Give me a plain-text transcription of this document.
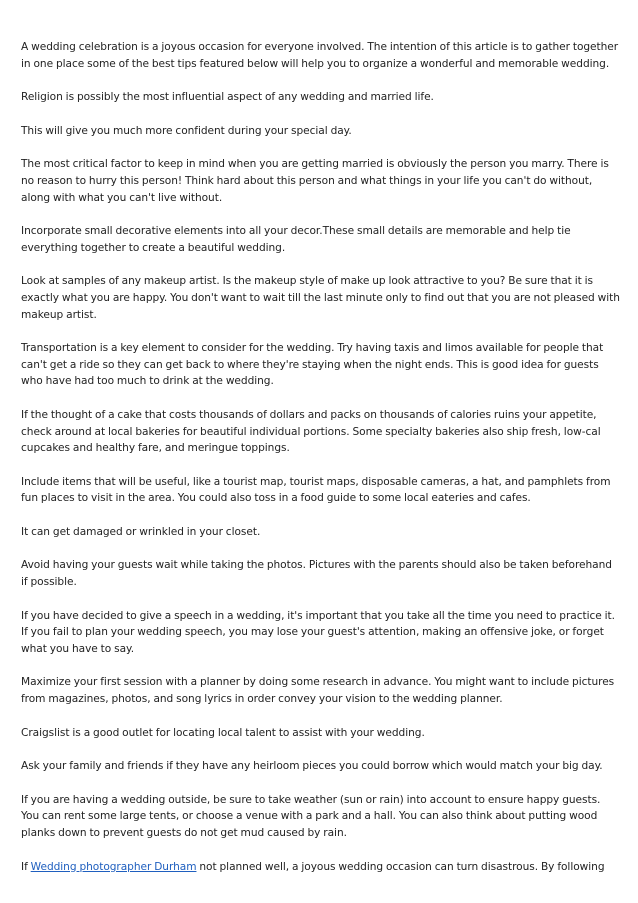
A wedding celebration is a joyous occasion for everyone involved. The intention of this article is to gather together in one place some of the best tips featured below will help you to organize a wonderful and memorable wedding.

Religion is possibly the most influential aspect of any wedding and married life.

This will give you much more confident during your special day.

The most critical factor to keep in mind when you are getting married is obviously the person you marry. There is no reason to hurry this person! Think hard about this person and what things in your life you can't do without, along with what you can't live without.

Incorporate small decorative elements into all your decor.These small details are memorable and help tie everything together to create a beautiful wedding.

Look at samples of any makeup artist. Is the makeup style of make up look attractive to you? Be sure that it is exactly what you are happy. You don't want to wait till the last minute only to find out that you are not pleased with makeup artist.

Transportation is a key element to consider for the wedding. Try having taxis and limos available for people that can't get a ride so they can get back to where they're staying when the night ends. This is good idea for guests who have had too much to drink at the wedding.

If the thought of a cake that costs thousands of dollars and packs on thousands of calories ruins your appetite, check around at local bakeries for beautiful individual portions. Some specialty bakeries also ship fresh, low-cal cupcakes and healthy fare, and meringue toppings.

Include items that will be useful, like a tourist map, tourist maps, disposable cameras, a hat, and pamphlets from fun places to visit in the area. You could also toss in a food guide to some local eateries and cafes.

It can get damaged or wrinkled in your closet.

Avoid having your guests wait while taking the photos. Pictures with the parents should also be taken beforehand if possible.

If you have decided to give a speech in a wedding, it's important that you take all the time you need to practice it. If you fail to plan your wedding speech, you may lose your guest's attention, making an offensive joke, or forget what you have to say.

Maximize your first session with a planner by doing some research in advance. You might want to include pictures from magazines, photos, and song lyrics in order convey your vision to the wedding planner.

Craigslist is a good outlet for locating local talent to assist with your wedding.

Ask your family and friends if they have any heirloom pieces you could borrow which would match your big day.

If you are having a wedding outside, be sure to take weather (sun or rain) into account to ensure happy guests. You can rent some large tents, or choose a venue with a park and a hall. You can also think about putting wood planks down to prevent guests do not get mud caused by rain.

If Wedding photographer Durham not planned well, a joyous wedding occasion can turn disastrous. By following
